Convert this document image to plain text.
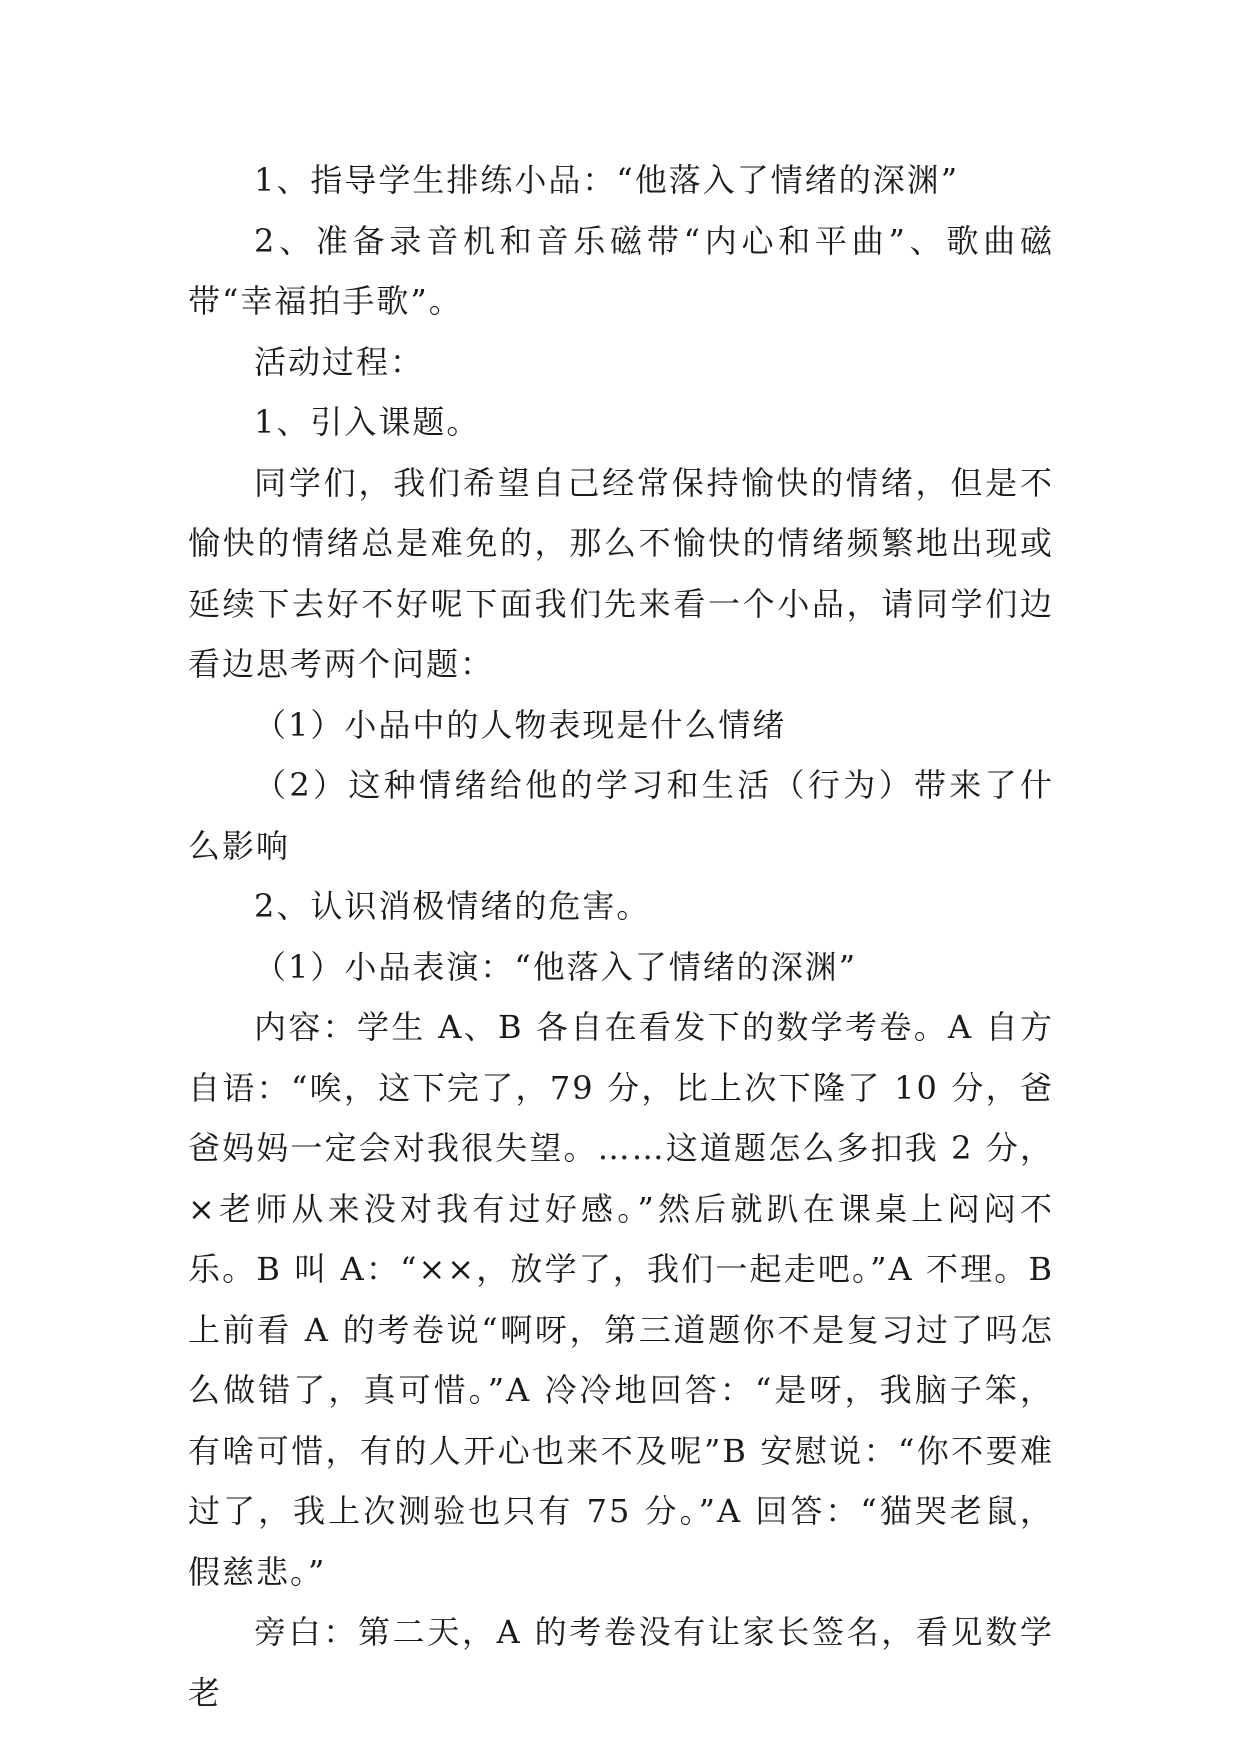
1、指导学生排练小品：“他落入了情绪的深渊”

2、准备录音机和音乐磁带“内心和平曲”、歌曲磁带“幸福拍手歌”。

活动过程：

1、引入课题。

同学们，我们希望自己经常保持愉快的情绪，但是不愉快的情绪总是难免的，那么不愉快的情绪频繁地出现或延续下去好不好呢下面我们先来看一个小品，请同学们边看边思考两个问题：

（1）小品中的人物表现是什么情绪

（2）这种情绪给他的学习和生活（行为）带来了什么影响

2、认识消极情绪的危害。

（1）小品表演：“他落入了情绪的深渊”

内容：学生 A、B 各自在看发下的数学考卷。A 自方自语：“唉，这下完了，79 分，比上次下隆了 10 分，爸爸妈妈一定会对我很失望。……这道题怎么多扣我 2 分，×老师从来没对我有过好感。”然后就趴在课桌上闷闷不乐。B 叫 A：“××，放学了，我们一起走吧。”A 不理。B 上前看 A 的考卷说“啊呀，第三道题你不是复习过了吗怎么做错了，真可惜。”A 冷冷地回答：“是呀，我脑子笨，有啥可惜，有的人开心也来不及呢”B 安慰说：“你不要难过了，我上次测验也只有 75 分。”A 回答：“猫哭老鼠，假慈悲。”

旁白：第二天，A 的考卷没有让家长签名，看见数学老
